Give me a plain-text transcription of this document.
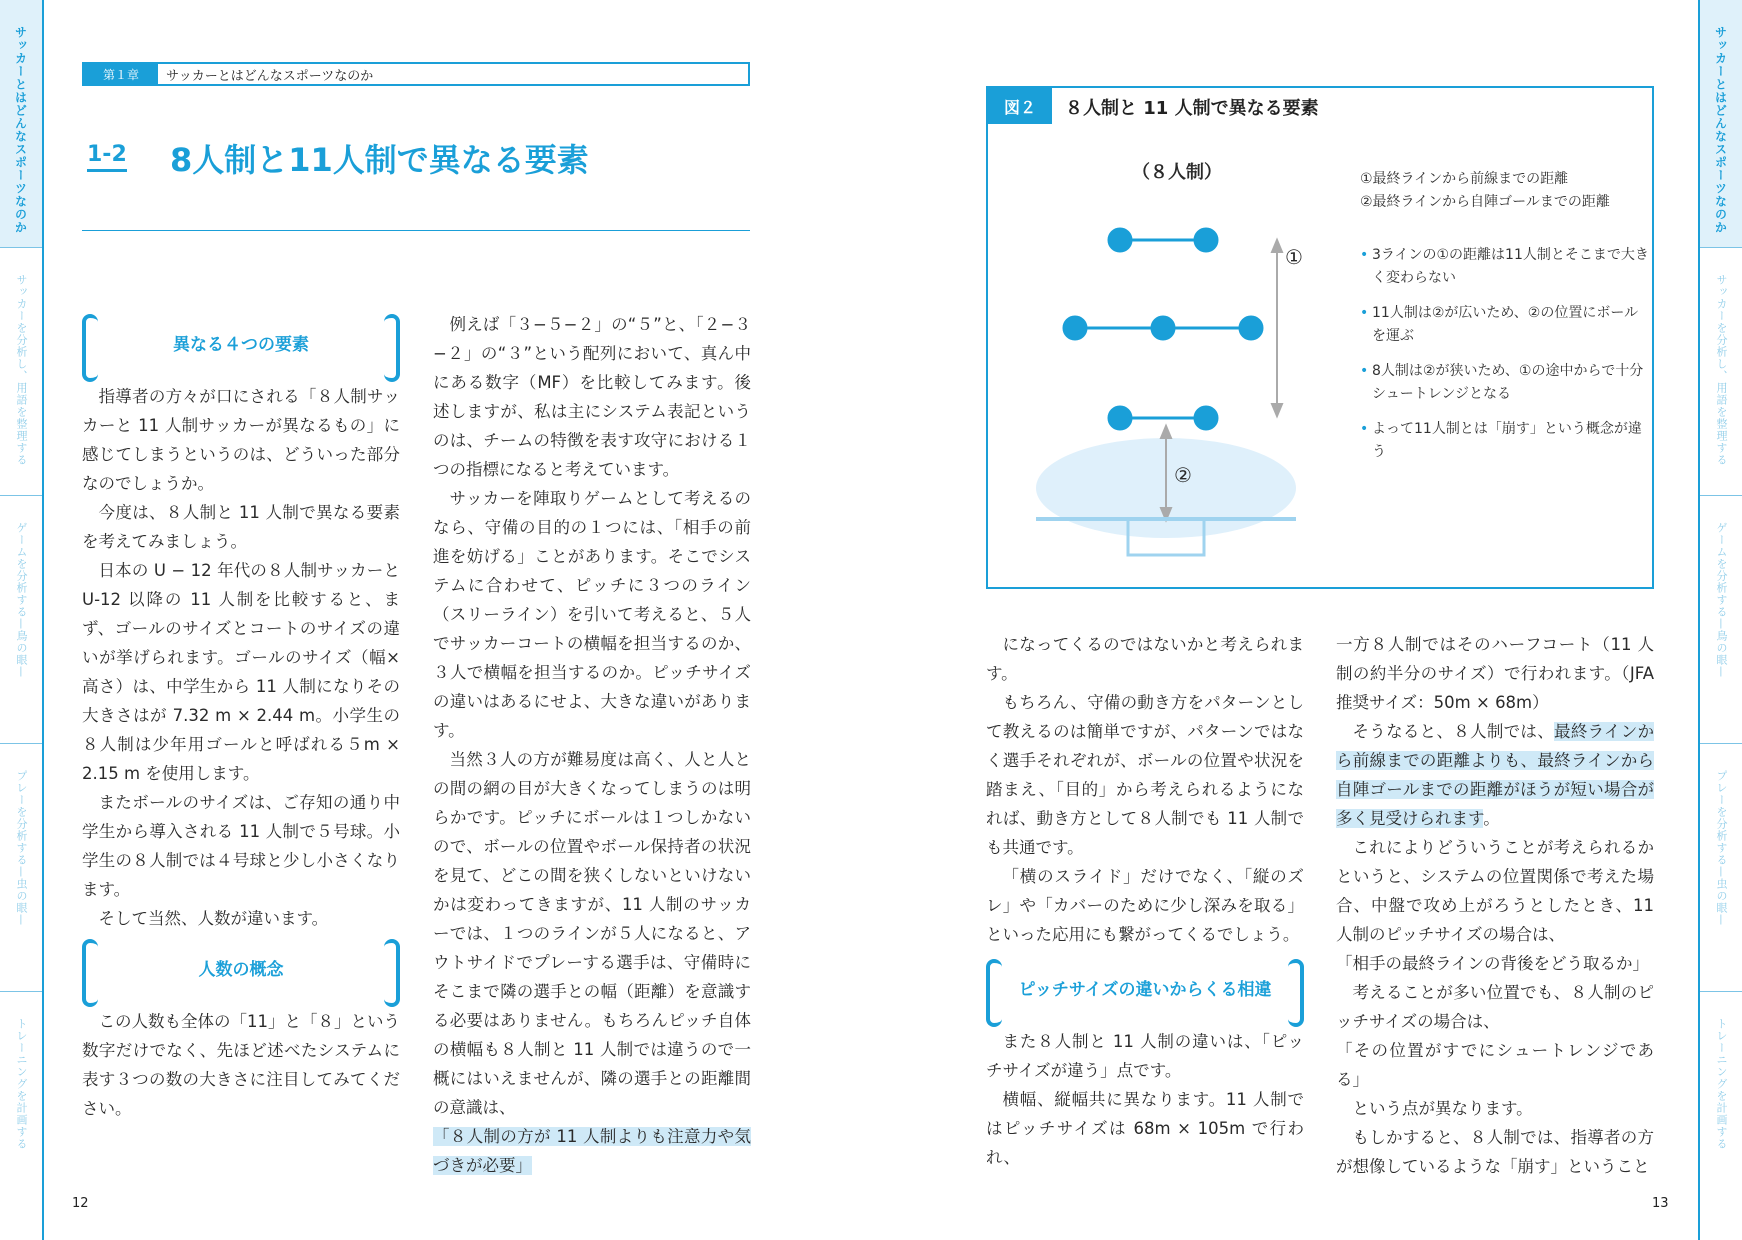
サッカーとはどんなスポーツなのか
サッカーを分析し、用語を整理する
ゲームを分析する—鳥の眼—
プレーを分析する—虫の眼—
トレーニングを計画する
サッカーとはどんなスポーツなのか
サッカーを分析し、用語を整理する
ゲームを分析する—鳥の眼—
プレーを分析する—虫の眼—
トレーニングを計画する
第１章	サッカーとはどんなスポーツなのか
1-2 8人制と11人制で異なる要素
異なる４つの要素

指導者の方々が口にされる「８人制サッカーと 11 人制サッカーが異なるもの」に感じてしまうというのは、どういった部分なのでしょうか。

今度は、８人制と 11 人制で異なる要素を考えてみましょう。

日本の U − 12 年代の８人制サッカーと U-12 以降の 11 人制を比較すると、まず、ゴールのサイズとコートのサイズの違いが挙げられます。ゴールのサイズ（幅×高さ）は、中学生から 11 人制になりその大きさはが 7.32 m × 2.44 m。小学生の８人制は少年用ゴールと呼ばれる５m × 2.15 m を使用します。

またボールのサイズは、ご存知の通り中学生から導入される 11 人制で５号球。小学生の８人制では４号球と少し小さくなります。

そして当然、人数が違います。

人数の概念

この人数も全体の「11」と「８」という数字だけでなく、先ほど述べたシステムに表す３つの数の大きさに注目してみてください。

例えば「３−５−２」の“５”と、「２−３−２」の“３”という配列において、真ん中にある数字（MF）を比較してみます。後述しますが、私は主にシステム表記というのは、チームの特徴を表す攻守における１つの指標になると考えています。

サッカーを陣取りゲームとして考えるのなら、守備の目的の１つには、「相手の前進を妨げる」ことがあります。そこでシステムに合わせて、ピッチに３つのライン（スリーライン）を引いて考えると、５人でサッカーコートの横幅を担当するのか、３人で横幅を担当するのか。ピッチサイズの違いはあるにせよ、大きな違いがあります。

当然３人の方が難易度は高く、人と人との間の網の目が大きくなってしまうのは明らかです。ピッチにボールは１つしかないので、ボールの位置やボール保持者の状況を見て、どこの間を狭くしないといけないかは変わってきますが、11 人制のサッカーでは、１つのラインが５人になると、アウトサイドでプレーする選手は、守備時にそこまで隣の選手との幅（距離）を意識する必要はありません。もちろんピッチ自体の横幅も８人制と 11 人制では違うので一概にはいえませんが、隣の選手との距離間の意識は、

「８人制の方が 11 人制よりも注意力や気づきが必要」

12
図２	８人制と 11 人制で異なる要素
（８人制）
①
②
①最終ラインから前線までの距離
②最終ラインから自陣ゴールまでの距離
• 3ラインの①の距離は11人制とそこまで大きく変わらない
• 11人制は②が広いため、②の位置にボールを運ぶ
• 8人制は②が狭いため、①の途中からで十分シュートレンジとなる
• よって11人制とは「崩す」という概念が違う

になってくるのではないかと考えられます。

もちろん、守備の動き方をパターンとして教えるのは簡単ですが、パターンではなく選手それぞれが、ボールの位置や状況を踏まえ、「目的」から考えられるようになれば、動き方として８人制でも 11 人制でも共通です。

「横のスライド」だけでなく、「縦のズレ」や「カバーのために少し深みを取る」といった応用にも繋がってくるでしょう。

ピッチサイズの違いからくる相違

また８人制と 11 人制の違いは、「ピッチサイズが違う」点です。

横幅、縦幅共に異なります。11 人制ではピッチサイズは 68m × 105m で行われ、

一方８人制ではそのハーフコート（11 人制の約半分のサイズ）で行われます。（JFA 推奨サイズ：50m × 68m）

そうなると、８人制では、最終ラインから前線までの距離よりも、最終ラインから自陣ゴールまでの距離がほうが短い場合が多く見受けられます。

これによりどういうことが考えられるかというと、システムの位置関係で考えた場合、中盤で攻め上がろうとしたとき、11 人制のピッチサイズの場合は、

「相手の最終ラインの背後をどう取るか」

考えることが多い位置でも、８人制のピッチサイズの場合は、

「その位置がすでにシュートレンジである」

という点が異なります。

もしかすると、８人制では、指導者の方が想像しているような「崩す」ということ

13
